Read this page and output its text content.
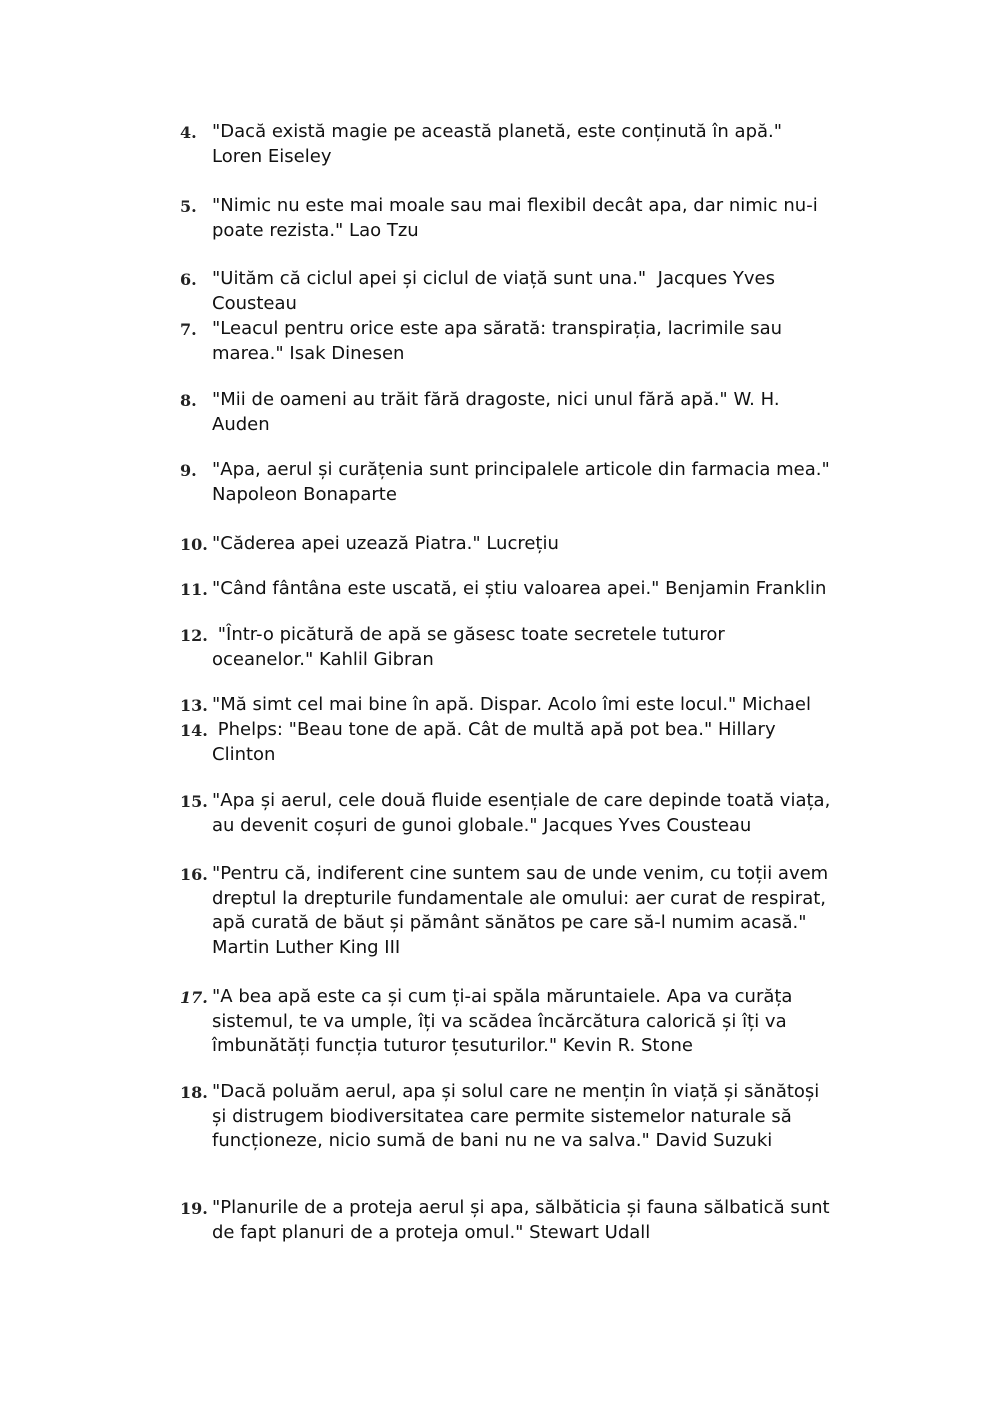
4. "Dacă există magie pe această planetă, este conținută în apă."
Loren Eiseley
5. "Nimic nu este mai moale sau mai flexibil decât apa, dar nimic nu-i
poate rezista." Lao Tzu
6. "Uităm că ciclul apei și ciclul de viață sunt una."  Jacques Yves
Cousteau
7. "Leacul pentru orice este apa sărată: transpirația, lacrimile sau
marea." Isak Dinesen
8. "Mii de oameni au trăit fără dragoste, nici unul fără apă." W. H.
Auden
9. "Apa, aerul și curățenia sunt principalele articole din farmacia mea."
Napoleon Bonaparte
10. "Căderea apei uzează Piatra." Lucrețiu
11. "Când fântâna este uscată, ei știu valoarea apei." Benjamin Franklin
12. "Într-o picătură de apă se găsesc toate secretele tuturor
oceanelor." Kahlil Gibran
13. "Mă simt cel mai bine în apă. Dispar. Acolo îmi este locul." Michael
14. Phelps: "Beau tone de apă. Cât de multă apă pot bea." Hillary
Clinton
15. "Apa și aerul, cele două fluide esențiale de care depinde toată viața,
au devenit coșuri de gunoi globale." Jacques Yves Cousteau
16. "Pentru că, indiferent cine suntem sau de unde venim, cu toții avem
dreptul la drepturile fundamentale ale omului: aer curat de respirat,
apă curată de băut și pământ sănătos pe care să-l numim acasă."
Martin Luther King III
17. "A bea apă este ca și cum ți-ai spăla măruntaiele. Apa va curăța
sistemul, te va umple, îți va scădea încărcătura calorică și îți va
îmbunătăți funcția tuturor țesuturilor." Kevin R. Stone
18. "Dacă poluăm aerul, apa și solul care ne mențin în viață și sănătoși
și distrugem biodiversitatea care permite sistemelor naturale să
funcționeze, nicio sumă de bani nu ne va salva." David Suzuki
19. "Planurile de a proteja aerul și apa, sălbăticia și fauna sălbatică sunt
de fapt planuri de a proteja omul." Stewart Udall
